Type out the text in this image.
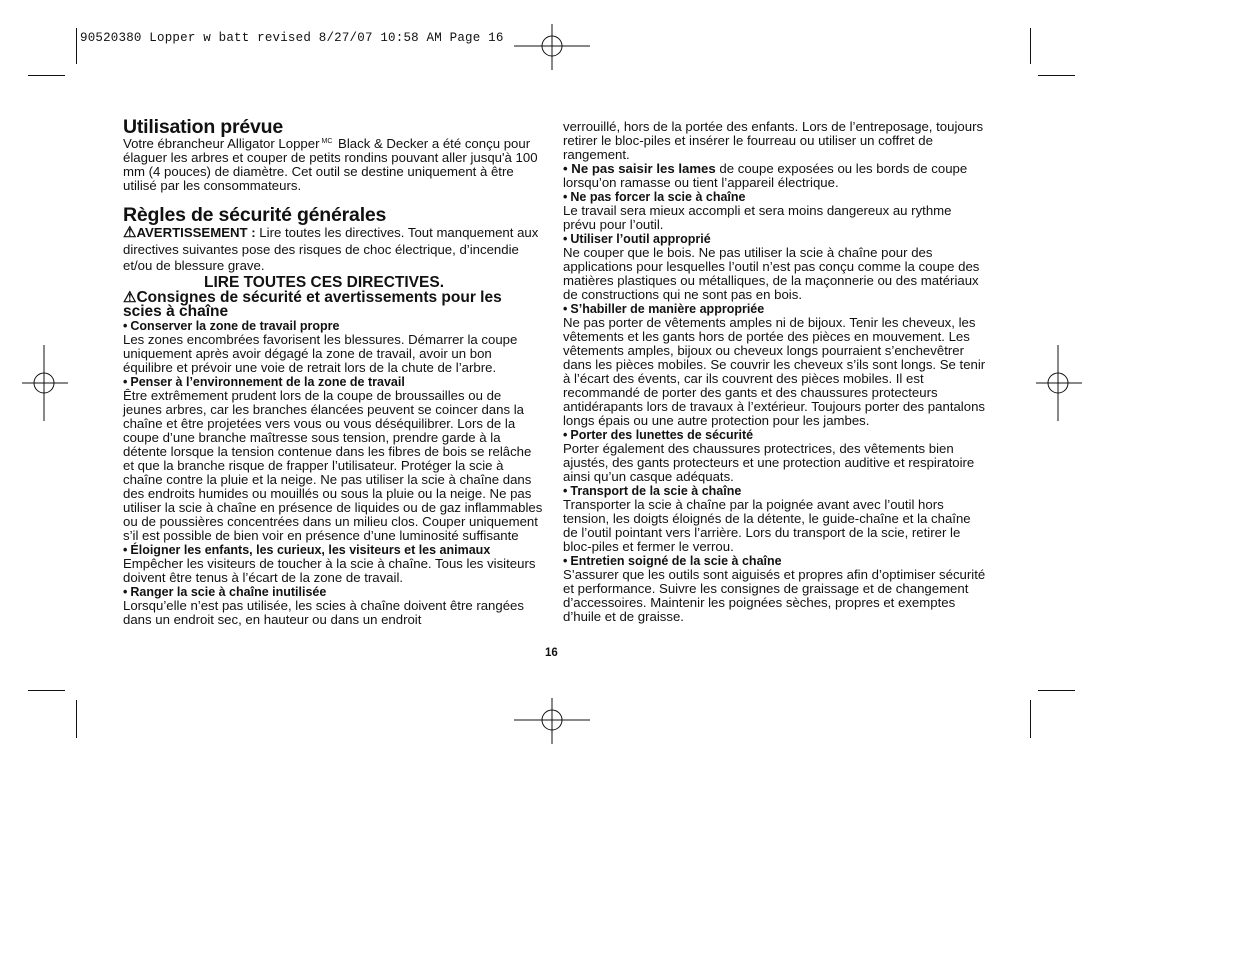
90520380 Lopper w batt revised 8/27/07 10:58 AM Page 16
Utilisation prévue

Votre ébrancheur Alligator Lopper $^{MC}$ Black & Decker a été conçu pour élaguer les arbres et couper de petits rondins pouvant aller jusqu'à 100 mm (4 pouces) de diamètre. Cet outil se destine uniquement à être utilisé par les consommateurs.

Règles de sécurité générales

⚠AVERTISSEMENT : Lire toutes les directives. Tout manquement aux directives suivantes pose des risques de choc électrique, d’incendie et/ou de blessure grave.

LIRE TOUTES CES DIRECTIVES.

⚠Consignes de sécurité et avertissements pour les scies à chaîne

• Conserver la zone de travail propre

Les zones encombrées favorisent les blessures. Démarrer la coupe uniquement après avoir dégagé la zone de travail, avoir un bon équilibre et prévoir une voie de retrait lors de la chute de l’arbre.

• Penser à l’environnement de la zone de travail

Être extrêmement prudent lors de la coupe de broussailles ou de jeunes arbres, car les branches élancées peuvent se coincer dans la chaîne et être projetées vers vous ou vous déséquilibrer. Lors de la coupe d’une branche maîtresse sous tension, prendre garde à la détente lorsque la tension contenue dans les fibres de bois se relâche et que la branche risque de frapper l’utilisateur. Protéger la scie à chaîne contre la pluie et la neige. Ne pas utiliser la scie à chaîne dans des endroits humides ou mouillés ou sous la pluie ou la neige. Ne pas utiliser la scie à chaîne en présence de liquides ou de gaz inflammables ou de poussières concentrées dans un milieu clos. Couper uniquement s’il est possible de bien voir en présence d’une luminosité suffisante

• Éloigner les enfants, les curieux, les visiteurs et les animaux

Empêcher les visiteurs de toucher à la scie à chaîne. Tous les visiteurs doivent être tenus à l’écart de la zone de travail.

• Ranger la scie à chaîne inutilisée

Lorsqu’elle n’est pas utilisée, les scies à chaîne doivent être rangées dans un endroit sec, en hauteur ou dans un endroit

verrouillé, hors de la portée des enfants. Lors de l’entreposage, toujours retirer le bloc-piles et insérer le fourreau ou utiliser un coffret de rangement.

• Ne pas saisir les lames de coupe exposées ou les bords de coupe lorsqu’on ramasse ou tient l’appareil électrique.

• Ne pas forcer la scie à chaîne

Le travail sera mieux accompli et sera moins dangereux au rythme prévu pour l’outil.

• Utiliser l’outil approprié

Ne couper que le bois. Ne pas utiliser la scie à chaîne pour des applications pour lesquelles l’outil n’est pas conçu comme la coupe des matières plastiques ou métalliques, de la maçonnerie ou des matériaux de constructions qui ne sont pas en bois.

• S’habiller de manière appropriée

Ne pas porter de vêtements amples ni de bijoux. Tenir les cheveux, les vêtements et les gants hors de portée des pièces en mouvement. Les vêtements amples, bijoux ou cheveux longs pourraient s’enchevêtrer dans les pièces mobiles. Se couvrir les cheveux s’ils sont longs. Se tenir à l’écart des évents, car ils couvrent des pièces mobiles. Il est recommandé de porter des gants et des chaussures protecteurs antidérapants lors de travaux à l’extérieur. Toujours porter des pantalons longs épais ou une autre protection pour les jambes.

• Porter des lunettes de sécurité

Porter également des chaussures protectrices, des vêtements bien ajustés, des gants protecteurs et une protection auditive et respiratoire ainsi qu’un casque adéquats.

• Transport de la scie à chaîne

Transporter la scie à chaîne par la poignée avant avec l’outil hors tension, les doigts éloignés de la détente, le guide-chaîne et la chaîne de l’outil pointant vers l’arrière. Lors du transport de la scie, retirer le bloc-piles et fermer le verrou.

• Entretien soigné de la scie à chaîne

S’assurer que les outils sont aiguisés et propres afin d’optimiser sécurité et performance. Suivre les consignes de graissage et de changement d’accessoires. Maintenir les poignées sèches, propres et exemptes d’huile et de graisse.

16
